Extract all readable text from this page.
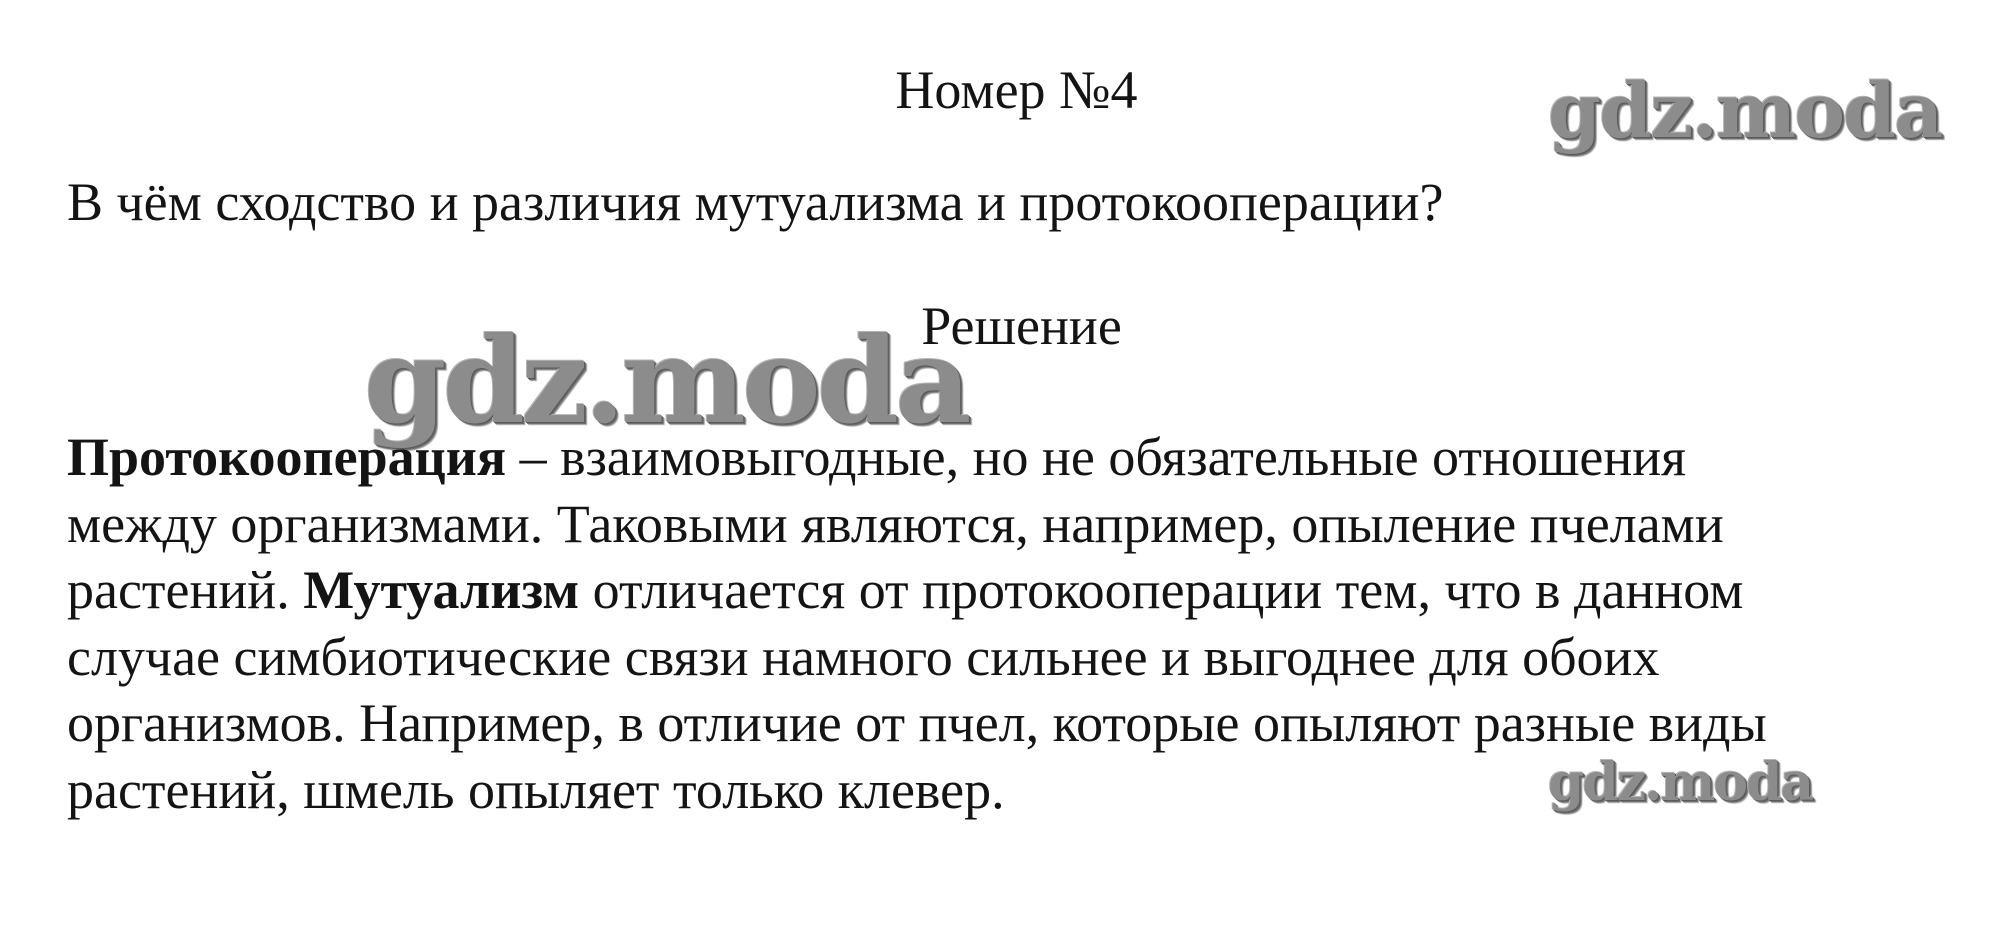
Номер №4	gdz.moda
В чём сходство и различия мутуализма и протокооперации?
gdz.moda
Решение
Протокооперация – взаимовыгодные, но не обязательные отношения
между организмами. Таковыми являются, например, опыление пчелами
растений. Мутуализм отличается от протокооперации тем, что в данном
случае симбиотические связи намного сильнее и выгоднее для обоих
организмов. Например, в отличие от пчел, которые опыляют разные виды
растений, шмель опыляет только клевер.	gdz.moda
